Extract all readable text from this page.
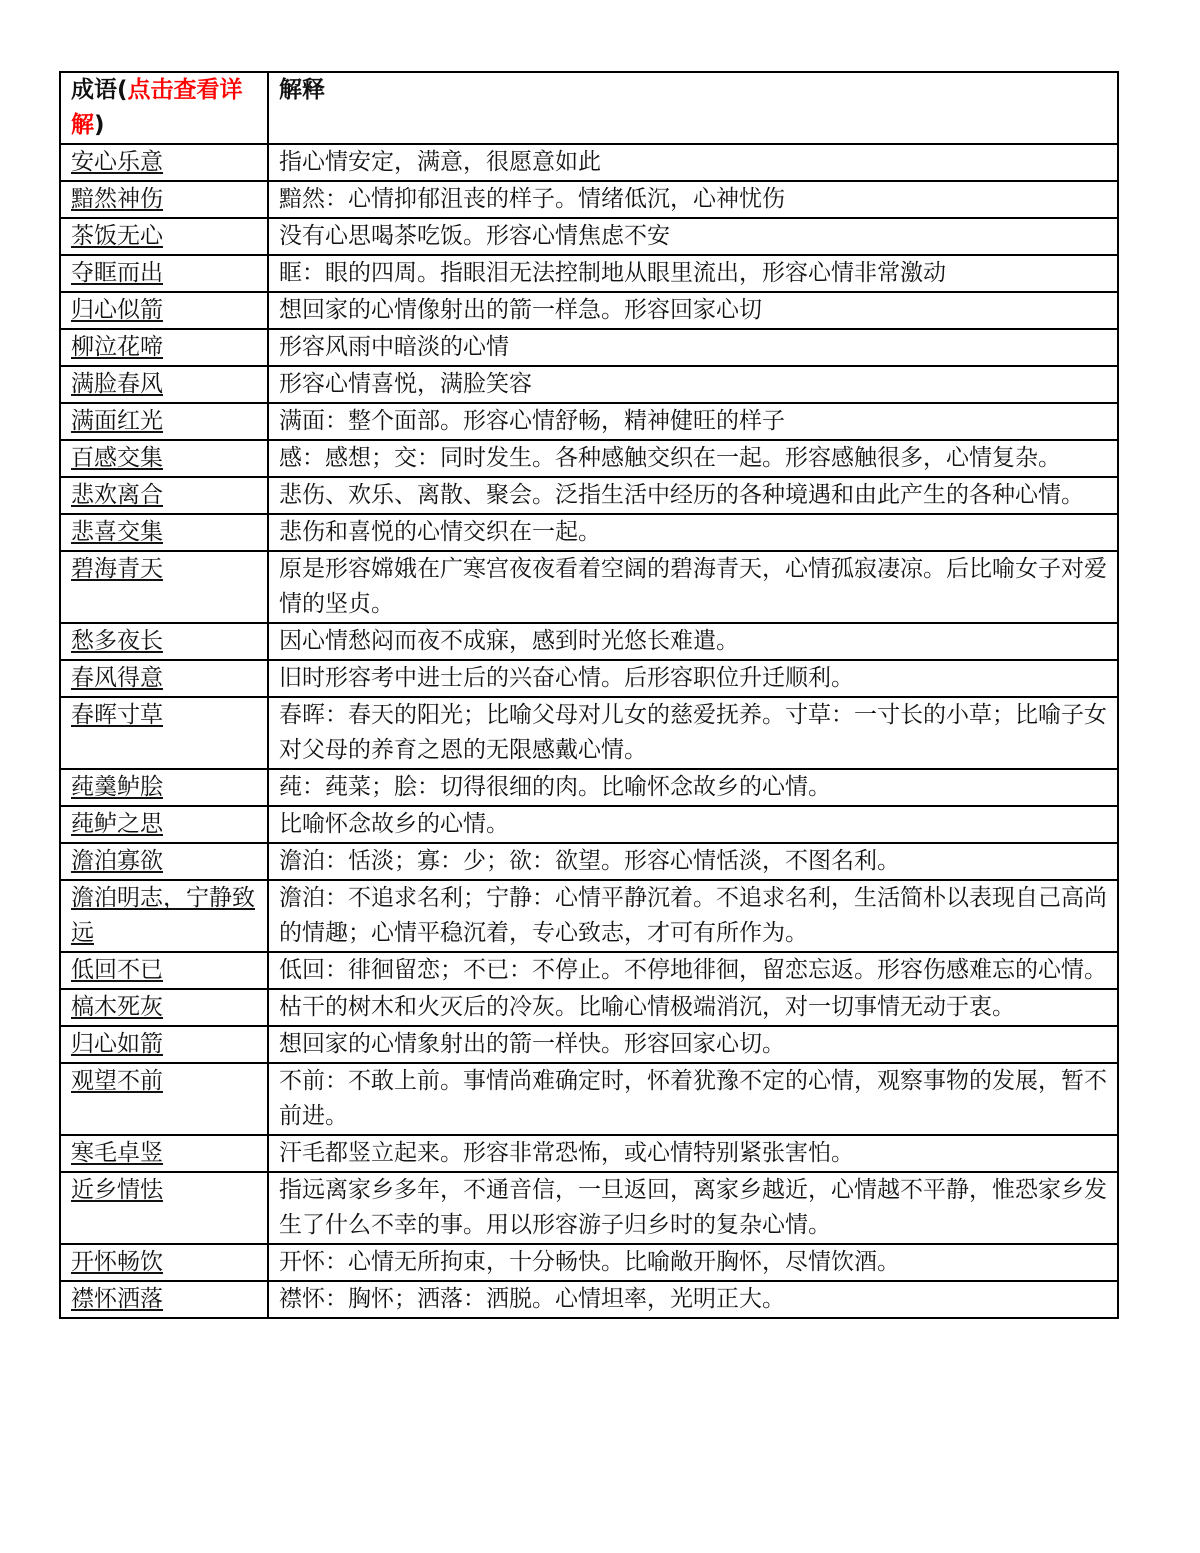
成语(点击查看详解)	解释
安心乐意	指心情安定，满意，很愿意如此
黯然神伤	黯然：心情抑郁沮丧的样子。情绪低沉，心神忧伤
茶饭无心	没有心思喝茶吃饭。形容心情焦虑不安
夺眶而出	眶：眼的四周。指眼泪无法控制地从眼里流出，形容心情非常激动
归心似箭	想回家的心情像射出的箭一样急。形容回家心切
柳泣花啼	形容风雨中暗淡的心情
满脸春风	形容心情喜悦，满脸笑容
满面红光	满面：整个面部。形容心情舒畅，精神健旺的样子
百感交集	感：感想；交：同时发生。各种感触交织在一起。形容感触很多，心情复杂。
悲欢离合	悲伤、欢乐、离散、聚会。泛指生活中经历的各种境遇和由此产生的各种心情。
悲喜交集	悲伤和喜悦的心情交织在一起。
碧海青天	原是形容嫦娥在广寒宫夜夜看着空阔的碧海青天，心情孤寂凄凉。后比喻女子对爱情的坚贞。
愁多夜长	因心情愁闷而夜不成寐，感到时光悠长难遣。
春风得意	旧时形容考中进士后的兴奋心情。后形容职位升迁顺利。
春晖寸草	春晖：春天的阳光；比喻父母对儿女的慈爱抚养。寸草：一寸长的小草；比喻子女对父母的养育之恩的无限感戴心情。
莼羹鲈脍	莼：莼菜；脍：切得很细的肉。比喻怀念故乡的心情。
莼鲈之思	比喻怀念故乡的心情。
澹泊寡欲	澹泊：恬淡；寡：少；欲：欲望。形容心情恬淡，不图名利。
澹泊明志，宁静致远	澹泊：不追求名利；宁静：心情平静沉着。不追求名利，生活简朴以表现自己高尚的情趣；心情平稳沉着，专心致志，才可有所作为。
低回不已	低回：徘徊留恋；不已：不停止。不停地徘徊，留恋忘返。形容伤感难忘的心情。
槁木死灰	枯干的树木和火灭后的冷灰。比喻心情极端消沉，对一切事情无动于衷。
归心如箭	想回家的心情象射出的箭一样快。形容回家心切。
观望不前	不前：不敢上前。事情尚难确定时，怀着犹豫不定的心情，观察事物的发展，暂不前进。
寒毛卓竖	汗毛都竖立起来。形容非常恐怖，或心情特别紧张害怕。
近乡情怯	指远离家乡多年，不通音信，一旦返回，离家乡越近，心情越不平静，惟恐家乡发生了什么不幸的事。用以形容游子归乡时的复杂心情。
开怀畅饮	开怀：心情无所拘束，十分畅快。比喻敞开胸怀，尽情饮酒。
襟怀洒落	襟怀：胸怀；洒落：洒脱。心情坦率，光明正大。
